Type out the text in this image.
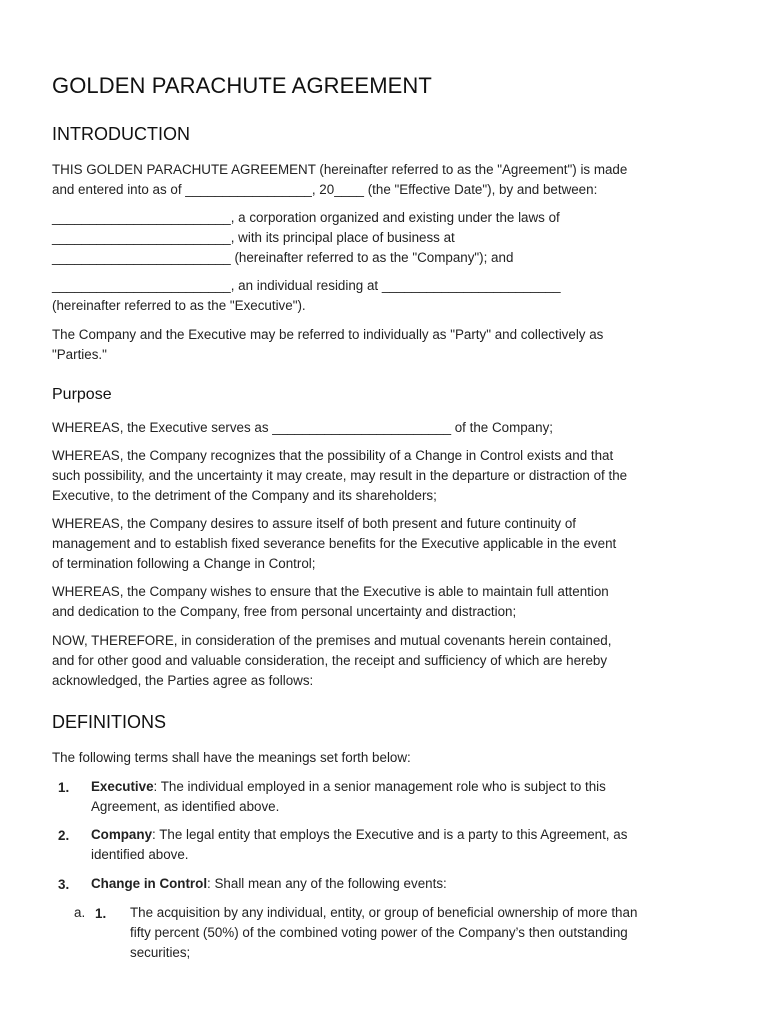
GOLDEN PARACHUTE AGREEMENT
INTRODUCTION
THIS GOLDEN PARACHUTE AGREEMENT (hereinafter referred to as the "Agreement") is made
and entered into as of _________________, 20____ (the "Effective Date"), by and between:
________________________, a corporation organized and existing under the laws of
________________________, with its principal place of business at
________________________ (hereinafter referred to as the "Company"); and
________________________, an individual residing at ________________________
(hereinafter referred to as the "Executive").
The Company and the Executive may be referred to individually as "Party" and collectively as
"Parties."
Purpose
WHEREAS, the Executive serves as ________________________ of the Company;
WHEREAS, the Company recognizes that the possibility of a Change in Control exists and that
such possibility, and the uncertainty it may create, may result in the departure or distraction of the
Executive, to the detriment of the Company and its shareholders;
WHEREAS, the Company desires to assure itself of both present and future continuity of
management and to establish fixed severance benefits for the Executive applicable in the event
of termination following a Change in Control;
WHEREAS, the Company wishes to ensure that the Executive is able to maintain full attention
and dedication to the Company, free from personal uncertainty and distraction;
NOW, THEREFORE, in consideration of the premises and mutual covenants herein contained,
and for other good and valuable consideration, the receipt and sufficiency of which are hereby
acknowledged, the Parties agree as follows:
DEFINITIONS
The following terms shall have the meanings set forth below:
1. Executive: The individual employed in a senior management role who is subject to this
Agreement, as identified above.
2. Company: The legal entity that employs the Executive and is a party to this Agreement, as
identified above.
3. Change in Control: Shall mean any of the following events:
a. 1. The acquisition by any individual, entity, or group of beneficial ownership of more than
fifty percent (50%) of the combined voting power of the Company’s then outstanding
securities;
